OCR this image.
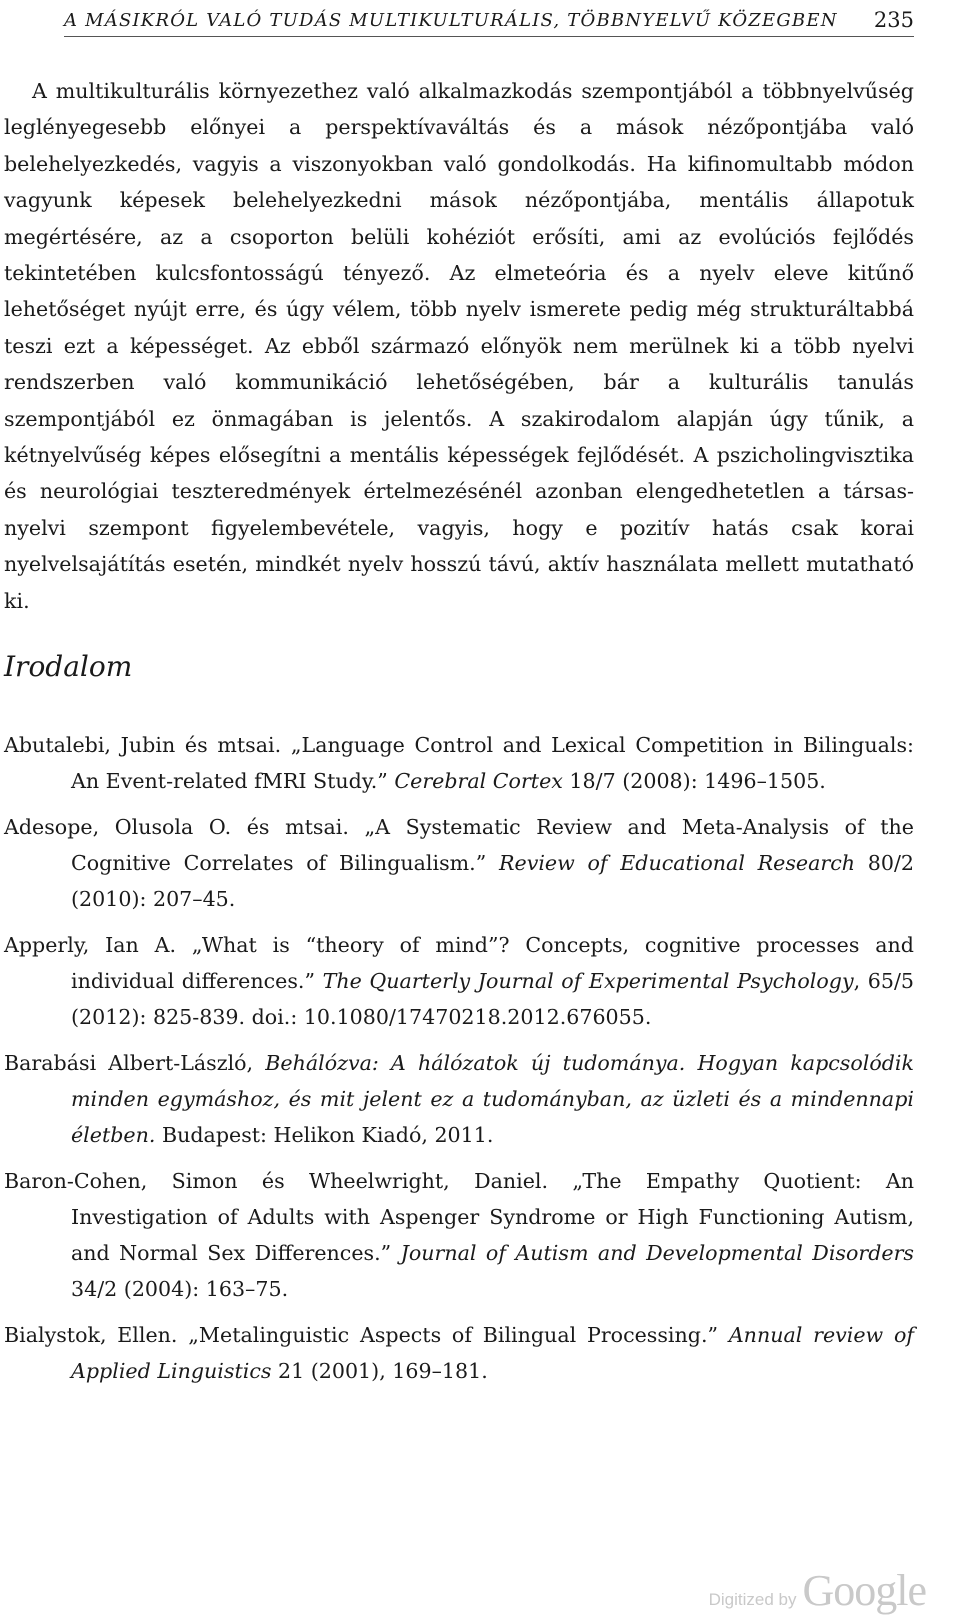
A MÁSIKRÓL VALÓ TUDÁS MULTIKULTURÁLIS, TÖBBNYELVŰ KÖZEGBEN 235

A multikulturális környezethez való alkalmazkodás szempontjából a többnyelvűség leglényegesebb előnyei a perspektívaváltás és a mások nézőpontjába való belehelyezkedés, vagyis a viszonyokban való gondolkodás. Ha kifinomultabb módon vagyunk képesek belehelyezkedni mások nézőpontjába, mentális állapotuk megértésére, az a csoporton belüli kohéziót erősíti, ami az evolúciós fejlődés tekintetében kulcsfontosságú tényező. Az elmeteória és a nyelv eleve kitűnő lehetőséget nyújt erre, és úgy vélem, több nyelv ismerete pedig még strukturáltabbá teszi ezt a képességet. Az ebből származó előnyök nem merülnek ki a több nyelvi rendszerben való kommunikáció lehetőségében, bár a kulturális tanulás szempontjából ez önmagában is jelentős. A szakirodalom alapján úgy tűnik, a kétnyelvűség képes elősegítni a mentális képességek fejlődését. A pszicholingvisztika és neurológiai teszteredmények értelmezésénél azonban elengedhetetlen a társas-nyelvi szempont figyelembevétele, vagyis, hogy e pozitív hatás csak korai nyelvelsajátítás esetén, mindkét nyelv hosszú távú, aktív használata mellett mutatható ki.

Irodalom
Abutalebi, Jubin és mtsai. „Language Control and Lexical Competition in Bilinguals: An Event-related fMRI Study.” Cerebral Cortex 18/7 (2008): 1496–1505.
Adesope, Olusola O. és mtsai. „A Systematic Review and Meta-Analysis of the Cognitive Correlates of Bilingualism.” Review of Educational Research 80/2 (2010): 207–45.
Apperly, Ian A. „What is “theory of mind”? Concepts, cognitive processes and individual differences.” The Quarterly Journal of Experimental Psychology, 65/5 (2012): 825-839. doi.: 10.1080/17470218.2012.676055.
Barabási Albert-László, Behálózva: A hálózatok új tudománya. Hogyan kapcsolódik minden egymáshoz, és mit jelent ez a tudományban, az üzleti és a mindennapi életben. Budapest: Helikon Kiadó, 2011.
Baron-Cohen, Simon és Wheelwright, Daniel. „The Empathy Quotient: An Investigation of Adults with Aspenger Syndrome or High Functioning Autism, and Normal Sex Differences.” Journal of Autism and Developmental Disorders 34/2 (2004): 163–75.
Bialystok, Ellen. „Metalinguistic Aspects of Bilingual Processing.” Annual review of Applied Linguistics 21 (2001), 169–181.
Digitized by Google
